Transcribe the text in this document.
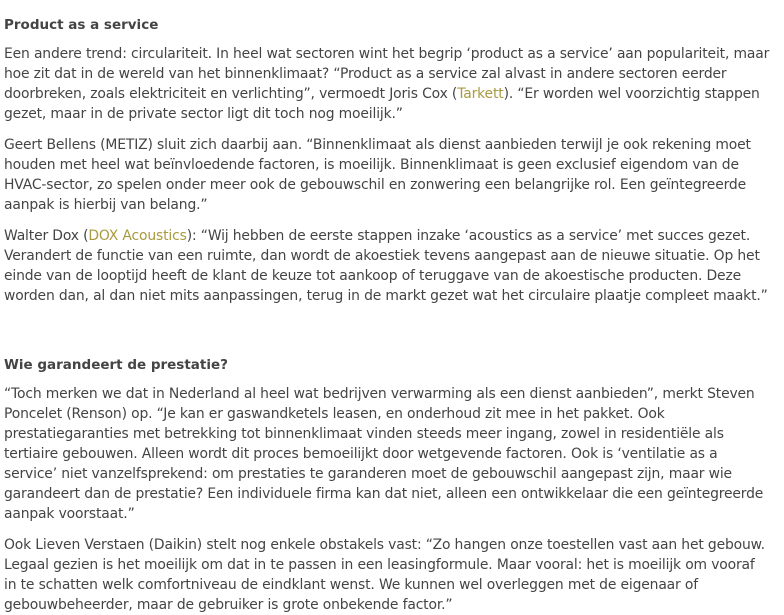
Product as a service

Een andere trend: circulariteit. In heel wat sectoren wint het begrip ‘product as a service’ aan populariteit, maar hoe zit dat in de wereld van het binnenklimaat? “Product as a service zal alvast in andere sectoren eerder doorbreken, zoals elektriciteit en verlichting”, vermoedt Joris Cox (Tarkett). “Er worden wel voorzichtig stappen gezet, maar in de private sector ligt dit toch nog moeilijk.”

Geert Bellens (METIZ) sluit zich daarbij aan. “Binnenklimaat als dienst aanbieden terwijl je ook rekening moet houden met heel wat beïnvloedende factoren, is moeilijk. Binnenklimaat is geen exclusief eigendom van de HVAC-sector, zo spelen onder meer ook de gebouwschil en zonwering een belangrijke rol. Een geïntegreerde aanpak is hierbij van belang.”

Walter Dox (DOX Acoustics): “Wij hebben de eerste stappen inzake ‘acoustics as a service’ met succes gezet. Verandert de functie van een ruimte, dan wordt de akoestiek tevens aangepast aan de nieuwe situatie. Op het einde van de looptijd heeft de klant de keuze tot aankoop of teruggave van de akoestische producten. Deze worden dan, al dan niet mits aanpassingen, terug in de markt gezet wat het circulaire plaatje compleet maakt.”

Wie garandeert de prestatie?

“Toch merken we dat in Nederland al heel wat bedrijven verwarming als een dienst aanbieden”, merkt Steven Poncelet (Renson) op. “Je kan er gaswandketels leasen, en onderhoud zit mee in het pakket. Ook prestatiegaranties met betrekking tot binnenklimaat vinden steeds meer ingang, zowel in residentiële als tertiaire gebouwen. Alleen wordt dit proces bemoeilijkt door wetgevende factoren. Ook is ‘ventilatie as a service’ niet vanzelfsprekend: om prestaties te garanderen moet de gebouwschil aangepast zijn, maar wie garandeert dan de prestatie? Een individuele firma kan dat niet, alleen een ontwikkelaar die een geïntegreerde aanpak voorstaat.”

Ook Lieven Verstaen (Daikin) stelt nog enkele obstakels vast: “Zo hangen onze toestellen vast aan het gebouw. Legaal gezien is het moeilijk om dat in te passen in een leasingformule. Maar vooral: het is moeilijk om vooraf in te schatten welk comfortniveau de eindklant wenst. We kunnen wel overleggen met de eigenaar of gebouwbeheerder, maar de gebruiker is grote onbekende factor.”
